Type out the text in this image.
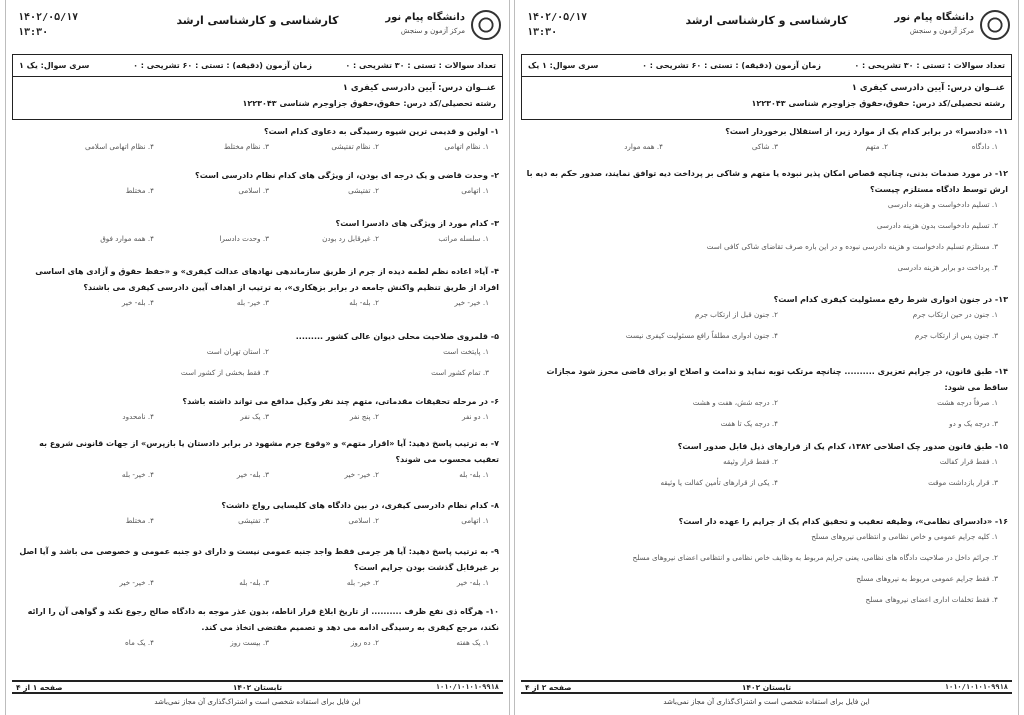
دانشگاه پیام نور
مرکز آزمون و سنجش
کارشناسی و کارشناسی ارشد
۱۴۰۲/۰۵/۱۷
۱۳:۳۰
تعداد سوالات : تستی : ۳۰ تشریحی : ۰
زمان آزمون (دقیقه) : تستی : ۶۰ تشریحی : ۰
سری سوال: یک ۱
عنــوان درس: آیین دادرسی کیفری ۱
رشته تحصیلی/کد درس: حقوق،حقوق جزاوجرم شناسی ۱۲۲۳۰۴۳
۱- اولین و قدیمی ترین شیوه رسیدگی به دعاوی کدام است؟
۱. نظام اتهامی
۲. نظام تفتیشی
۳. نظام مختلط
۴. نظام اتهامی اسلامی
۲- وحدت قاضی و یک درجه ای بودن، از ویژگی های کدام نظام دادرسی است؟
۱. اتهامی
۲. تفتیشی
۳. اسلامی
۴. مختلط
۳- کدام مورد از ویژگی های دادسرا است؟
۱. سلسله مراتب
۲. غیرقابل رد بودن
۳. وحدت دادسرا
۴. همه موارد فوق
۴- آیا« اعاده نظم لطمه دیده از جرم از طریق سازماندهی نهادهای عدالت کیفری» و «حفظ حقوق و آزادی های اساسی افراد از طریق تنظیم واکنش جامعه در برابر بزهکاری»، به ترتیب از اهداف آیین دادرسی کیفری می باشند؟
۱. خیر- خیر
۲. بله- بله
۳. خیر- بله
۴. بله- خیر
۵- قلمروی صلاحیت محلی دیوان عالی کشور .........
۱. پایتخت است
۲. استان تهران است
۳. تمام کشور است
۴. فقط بخشی از کشور است
۶- در مرحله تحقیقات مقدماتی، متهم چند نفر وکیل مدافع می تواند داشته باشد؟
۱. دو نفر
۲. پنج نفر
۳. یک نفر
۴. نامحدود
۷- به ترتیب پاسخ دهید: آیا «اقرار متهم» و «وقوع جرم مشهود در برابر دادستان یا بازپرس» از جهات قانونی شروع به تعقیب محسوب می شوند؟
۱. بله- بله
۲. خیر- خیر
۳. بله- خیر
۴. خیر- بله
۸- کدام نظام دادرسی کیفری، در بین دادگاه های کلیسایی رواج داشت؟
۱. اتهامی
۲. اسلامی
۳. تفتیشی
۴. مختلط
۹- به ترتیب پاسخ دهید: آیا هر جرمی فقط واجد جنبه عمومی نیست و دارای دو جنبه عمومی و خصوصی می باشد و آیا اصل بر غیرقابل گذشت بودن جرایم است؟
۱. بله- خیر
۲. خیر- بله
۳. بله- بله
۴. خیر- خیر
۱۰- هرگاه ذی نفع ظرف .......... از تاریخ ابلاغ قرار اناطه، بدون عذر موجه به دادگاه صالح رجوع نکند و گواهی آن را ارائه نکند، مرجع کیفری به رسیدگی ادامه می دهد و تصمیم مقتضی اتخاذ می کند.
۱. یک هفته
۲. ده روز
۳. بیست روز
۴. یک ماه
صفحه ۱ از ۴	تابستان ۱۴۰۲	۱۰۱۰/۱۰۱۰۱۰۹۹۱۸
این فایل برای استفاده شخصی است و اشتراک‌گذاری آن مجاز نمی‌باشد
دانشگاه پیام نور
مرکز آزمون و سنجش
کارشناسی و کارشناسی ارشد
۱۴۰۲/۰۵/۱۷
۱۳:۳۰
تعداد سوالات : تستی : ۳۰ تشریحی : ۰
زمان آزمون (دقیقه) : تستی : ۶۰ تشریحی : ۰
سری سوال: ۱ یک
عنــوان درس: آیین دادرسی کیفری ۱
رشته تحصیلی/کد درس: حقوق،حقوق جزاوجرم شناسی ۱۲۲۳۰۴۳
۱۱- «دادسرا» در برابر کدام یک از موارد زیر، از استقلال برخوردار است؟
۱. دادگاه
۲. متهم
۳. شاکی
۴. همه موارد
۱۲- در مورد صدمات بدنی، چنانچه قصاص امکان پذیر نبوده یا متهم و شاکی بر پرداخت دیه توافق نمایند، صدور حکم به دیه با ارش توسط دادگاه مستلزم چیست؟
۱. تسلیم دادخواست و هزینه دادرسی
۲. تسلیم دادخواست بدون هزینه دادرسی
۳. مستلزم تسلیم دادخواست و هزینه دادرسی نبوده و در این باره صرف تقاضای شاکی کافی است
۴. پرداخت دو برابر هزینه دادرسی
۱۳- در جنون ادواری شرط رفع مسئولیت کیفری کدام است؟
۱. جنون در حین ارتکاب جرم
۲. جنون قبل از ارتکاب جرم
۳. جنون پس از ارتکاب جرم
۴. جنون ادواری مطلقاً رافع مسئولیت کیفری نیست
۱۴- طبق قانون، در جرایم تعزیری .......... چنانچه مرتکب توبه نماید و ندامت و اصلاح او برای قاضی محرز شود مجازات ساقط می شود:
۱. صرفاً درجه هشت
۲. درجه شش، هفت و هشت
۳. درجه یک و دو
۴. درجه یک تا هفت
۱۵- طبق قانون صدور چک اصلاحی ۱۳۸۲، کدام یک از قرارهای ذیل قابل صدور است؟
۱. فقط قرار کفالت
۲. فقط قرار وثیقه
۳. قرار بازداشت موقت
۴. یکی از قرارهای تأمین کفالت یا وثیقه
۱۶- «دادسرای نظامی»، وظیفه تعقیب و تحقیق کدام یک از جرایم را عهده دار است؟
۱. کلیه جرایم عمومی و خاص نظامی و انتظامی نیروهای مسلح
۲. جرائم داخل در صلاحیت دادگاه های نظامی، یعنی جرایم مربوط به وظایف خاص نظامی و انتظامی اعضای نیروهای مسلح
۳. فقط جرایم عمومی مربوط به نیروهای مسلح
۴. فقط تخلفات اداری اعضای نیروهای مسلح
صفحه ۲ از ۴	تابستان ۱۴۰۲	۱۰۱۰/۱۰۱۰۱۰۹۹۱۸
این فایل برای استفاده شخصی است و اشتراک‌گذاری آن مجاز نمی‌باشد
